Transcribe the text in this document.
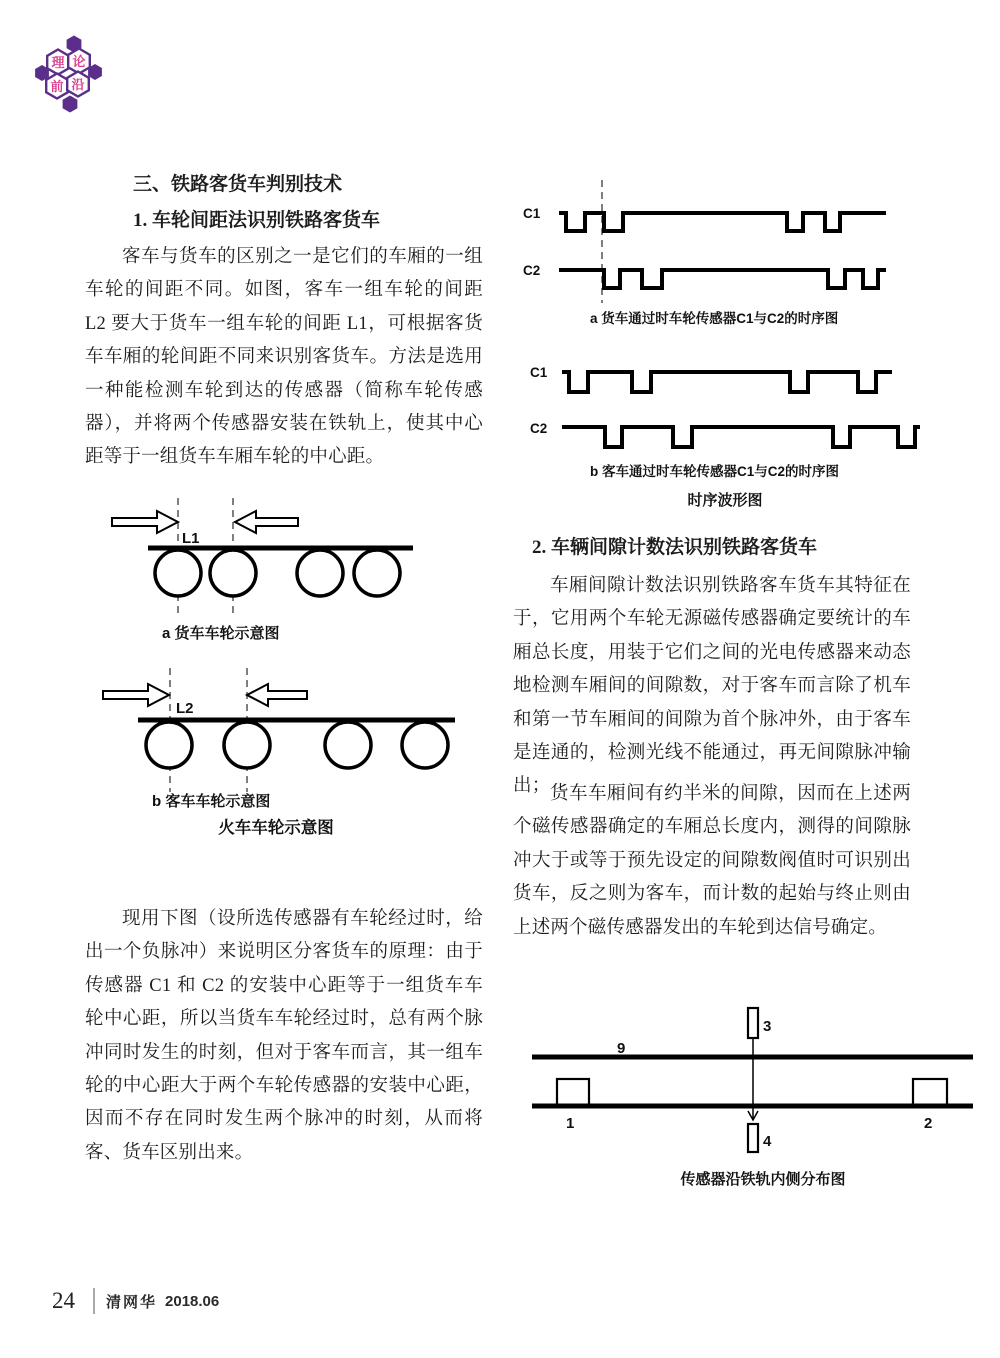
理 论
前 沿
三、铁路客货车判别技术
1. 车轮间距法识别铁路客货车
客车与货车的区别之一是它们的车厢的一组车轮的间距不同。如图，客车一组车轮的间距 L2 要大于货车一组车轮的间距 L1，可根据客货车车厢的轮间距不同来识别客货车。方法是选用一种能检测车轮到达的传感器（简称车轮传感器），并将两个传感器安装在铁轨上，使其中心距等于一组货车车厢车轮的中心距。
L1
a 货车车轮示意图
L2
b 客车车轮示意图
火车车轮示意图
现用下图（设所选传感器有车轮经过时，给出一个负脉冲）来说明区分客货车的原理：由于传感器 C1 和 C2 的安装中心距等于一组货车车轮中心距，所以当货车车轮经过时，总有两个脉冲同时发生的时刻，但对于客车而言，其一组车轮的中心距大于两个车轮传感器的安装中心距，因而不存在同时发生两个脉冲的时刻，从而将客、货车区别出来。
C1
C2
a 货车通过时车轮传感器C1与C2的时序图
C1
C2
b 客车通过时车轮传感器C1与C2的时序图
时序波形图
2. 车辆间隙计数法识别铁路客货车
车厢间隙计数法识别铁路客车货车其特征在于，它用两个车轮无源磁传感器确定要统计的车厢总长度，用装于它们之间的光电传感器来动态地检测车厢间的间隙数，对于客车而言除了机车和第一节车厢间的间隙为首个脉冲外，由于客车是连通的，检测光线不能通过，再无间隙脉冲输出； 货车车厢间有约半米的间隙，因而在上述两个磁传感器确定的车厢总长度内，测得的间隙脉冲大于或等于预先设定的间隙数阀值时可识别出货车，反之则为客车，而计数的起始与终止则由上述两个磁传感器发出的车轮到达信号确定。
3
9
1	2
4
传感器沿铁轨内侧分布图
24 清网华 2018.06
